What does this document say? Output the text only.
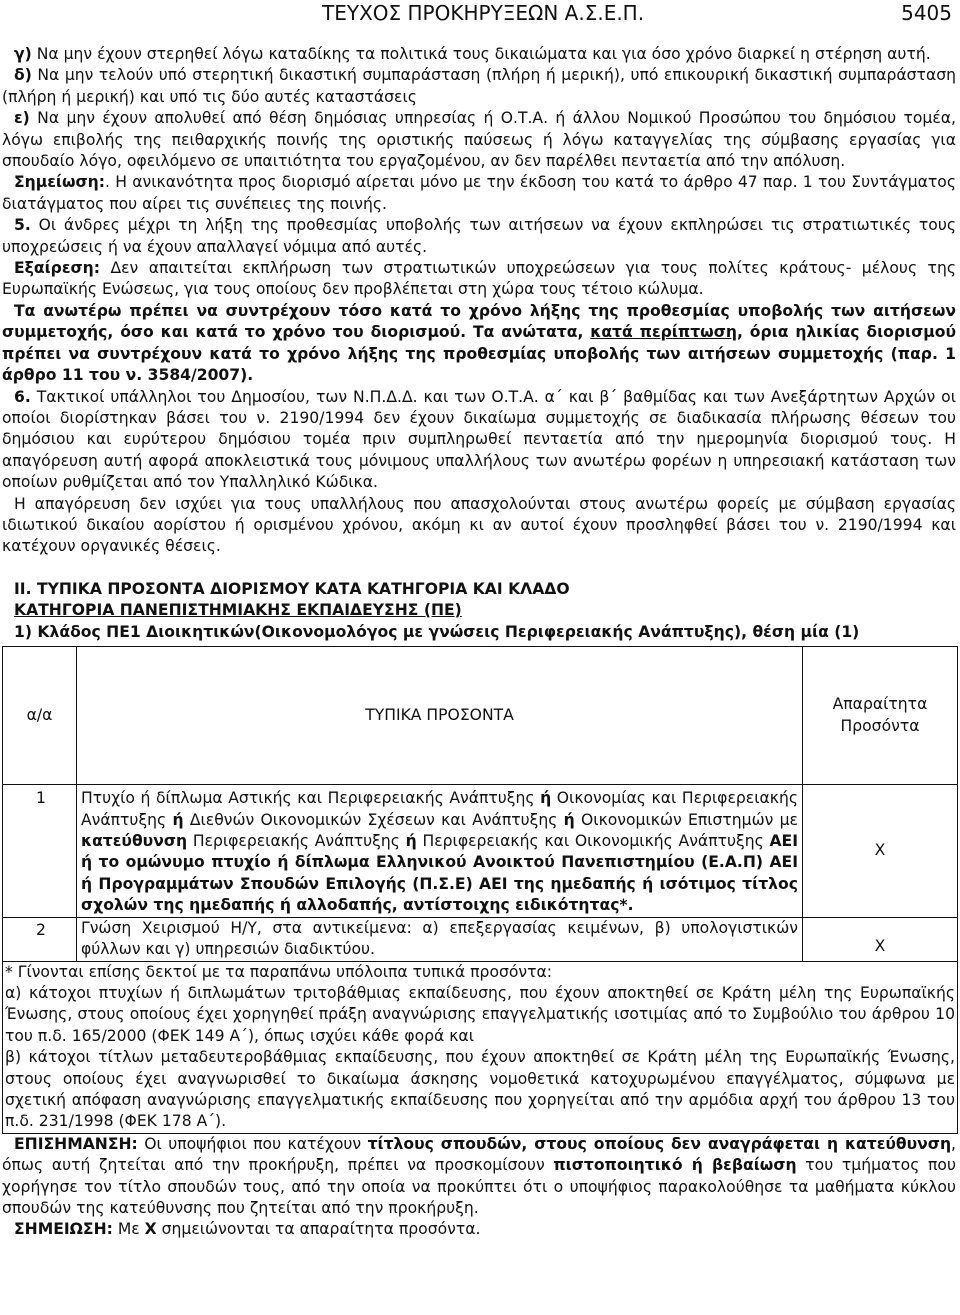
ΤΕΥΧΟΣ ΠΡΟΚΗΡΥΞΕΩΝ Α.Σ.Ε.Π.	5405

γ) Να μην έχουν στερηθεί λόγω καταδίκης τα πολιτικά τους δικαιώματα και για όσο χρόνο διαρκεί η στέρηση αυτή.

δ) Να μην τελούν υπό στερητική δικαστική συμπαράσταση (πλήρη ή μερική), υπό επικουρική δικαστική συμπαράσταση (πλήρη ή μερική) και υπό τις δύο αυτές καταστάσεις

ε) Να μην έχουν απολυθεί από θέση δημόσιας υπηρεσίας ή Ο.Τ.Α. ή άλλου Νομικού Προσώπου του δημόσιου τομέα, λόγω επιβολής της πειθαρχικής ποινής της οριστικής παύσεως ή λόγω καταγγελίας της σύμβασης εργασίας για σπουδαίο λόγο, οφειλόμενο σε υπαιτιότητα του εργαζομένου, αν δεν παρέλθει πενταετία από την απόλυση.

Σημείωση:. Η ανικανότητα προς διορισμό αίρεται μόνο με την έκδοση του κατά το άρθρο 47 παρ. 1 του Συντάγματος διατάγματος που αίρει τις συνέπειες της ποινής.

5. Οι άνδρες μέχρι τη λήξη της προθεσμίας υποβολής των αιτήσεων να έχουν εκπληρώσει τις στρατιωτικές τους υποχρεώσεις ή να έχουν απαλλαγεί νόμιμα από αυτές.

Εξαίρεση: Δεν απαιτείται εκπλήρωση των στρατιωτικών υποχρεώσεων για τους πολίτες κράτους- μέλους της Ευρωπαϊκής Ενώσεως, για τους οποίους δεν προβλέπεται στη χώρα τους τέτοιο κώλυμα.

Τα ανωτέρω πρέπει να συντρέχουν τόσο κατά το χρόνο λήξης της προθεσμίας υποβολής των αιτήσεων συμμετοχής, όσο και κατά το χρόνο του διορισμού. Τα ανώτατα, κατά περίπτωση, όρια ηλικίας διορισμού πρέπει να συντρέχουν κατά το χρόνο λήξης της προθεσμίας υποβολής των αιτήσεων συμμετοχής (παρ. 1 άρθρο 11 του ν. 3584/2007).

6. Τακτικοί υπάλληλοι του Δημοσίου, των Ν.Π.Δ.Δ. και των Ο.Τ.Α. α΄ και β΄ βαθμίδας και των Ανεξάρτητων Αρχών οι οποίοι διορίστηκαν βάσει του ν. 2190/1994 δεν έχουν δικαίωμα συμμετοχής σε διαδικασία πλήρωσης θέσεων του δημόσιου και ευρύτερου δημόσιου τομέα πριν συμπληρωθεί πενταετία από την ημερομηνία διορισμού τους. Η απαγόρευση αυτή αφορά αποκλειστικά τους μόνιμους υπαλλήλους των ανωτέρω φορέων η υπηρεσιακή κατάσταση των οποίων ρυθμίζεται από τον Υπαλληλικό Κώδικα.

Η απαγόρευση δεν ισχύει για τους υπαλλήλους που απασχολούνται στους ανωτέρω φορείς με σύμβαση εργασίας ιδιωτικού δικαίου αορίστου ή ορισμένου χρόνου, ακόμη κι αν αυτοί έχουν προσληφθεί βάσει του ν. 2190/1994 και κατέχουν οργανικές θέσεις.

ΙΙ. ΤΥΠΙΚΑ ΠΡΟΣΟΝΤΑ ΔΙΟΡΙΣΜΟΥ ΚΑΤΑ ΚΑΤΗΓΟΡΙΑ ΚΑΙ ΚΛΑΔΟ
ΚΑΤΗΓΟΡΙΑ ΠΑΝΕΠΙΣΤΗΜΙΑΚΗΣ ΕΚΠΑΙΔΕΥΣΗΣ (ΠΕ)
1) Κλάδος ΠΕ1 Διοικητικών(Οικονομολόγος με γνώσεις Περιφερειακής Ανάπτυξης), θέση μία (1)
α/α	ΤΥΠΙΚΑ ΠΡΟΣΟΝΤΑ	Απαραίτητα Προσόντα
1	Πτυχίο ή δίπλωμα Αστικής και Περιφερειακής Ανάπτυξης ή Οικονομίας και Περιφερειακής Ανάπτυξης ή Διεθνών Οικονομικών Σχέσεων και Ανάπτυξης ή Οικονομικών Επιστημών με κατεύθυνση Περιφερειακής Ανάπτυξης ή Περιφερειακής και Οικονομικής Ανάπτυξης ΑΕΙ ή το ομώνυμο πτυχίο ή δίπλωμα Ελληνικού Ανοικτού Πανεπιστημίου (Ε.Α.Π) ΑΕΙ ή Προγραμμάτων Σπουδών Επιλογής (Π.Σ.Ε) ΑΕΙ της ημεδαπής ή ισότιμος τίτλος σχολών της ημεδαπής ή αλλοδαπής, αντίστοιχης ειδικότητας*.	X
2	Γνώση Χειρισμού Η/Υ, στα αντικείμενα: α) επεξεργασίας κειμένων, β) υπολογιστικών φύλλων και γ) υπηρεσιών διαδικτύου.	X

* Γίνονται επίσης δεκτοί με τα παραπάνω υπόλοιπα τυπικά προσόντα:
α) κάτοχοι πτυχίων ή διπλωμάτων τριτοβάθμιας εκπαίδευσης, που έχουν αποκτηθεί σε Κράτη μέλη της Ευρωπαϊκής Ένωσης, στους οποίους έχει χορηγηθεί πράξη αναγνώρισης επαγγελματικής ισοτιμίας από το Συμβούλιο του άρθρου 10 του π.δ. 165/2000 (ΦΕΚ 149 Α΄), όπως ισχύει κάθε φορά και
β) κάτοχοι τίτλων μεταδευτεροβάθμιας εκπαίδευσης, που έχουν αποκτηθεί σε Κράτη μέλη της Ευρωπαϊκής Ένωσης, στους οποίους έχει αναγνωρισθεί το δικαίωμα άσκησης νομοθετικά κατοχυρωμένου επαγγέλματος, σύμφωνα με σχετική απόφαση αναγνώρισης επαγγελματικής εκπαίδευσης που χορηγείται από την αρμόδια αρχή του άρθρου 13 του π.δ. 231/1998 (ΦΕΚ 178 Α΄).		

ΕΠΙΣΗΜΑΝΣΗ: Οι υποψήφιοι που κατέχουν τίτλους σπουδών, στους οποίους δεν αναγράφεται η κατεύθυνση, όπως αυτή ζητείται από την προκήρυξη, πρέπει να προσκομίσουν πιστοποιητικό ή βεβαίωση του τμήματος που χορήγησε τον τίτλο σπουδών τους, από την οποία να προκύπτει ότι ο υποψήφιος παρακολούθησε τα μαθήματα κύκλου σπουδών της κατεύθυνσης που ζητείται από την προκήρυξη.

ΣΗΜΕΙΩΣΗ: Με Χ σημειώνονται τα απαραίτητα προσόντα.
